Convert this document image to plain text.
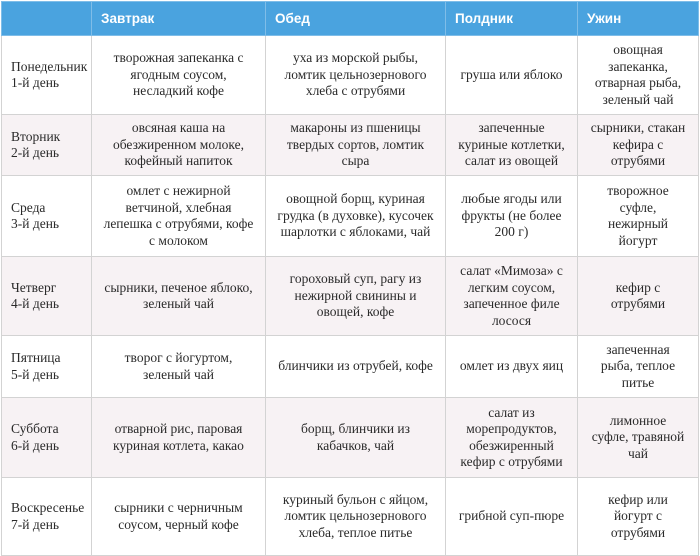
	Завтрак	Обед	Полдник	Ужин

Понедельник
1-й день	творожная запеканка с
ягодным соусом,
несладкий кофе	уха из морской рыбы,
ломтик цельнозернового
хлеба с отрубями	груша или яблоко	овощная
запеканка,
отварная рыба,
зеленый чай

Вторник
2-й день	овсяная каша на
обезжиренном молоке,
кофейный напиток	макароны из пшеницы
твердых сортов, ломтик
сыра	запеченные
куриные котлетки,
салат из овощей	сырники, стакан
кефира с
отрубями

Среда
3-й день	омлет с нежирной
ветчиной, хлебная
лепешка с отрубями, кофе
с молоком	овощной борщ, куриная
грудка (в духовке), кусочек
шарлотки с яблоками, чай	любые ягоды или
фрукты (не более
200 г)	творожное
суфле,
нежирный
йогурт

Четверг
4-й день	сырники, печеное яблоко,
зеленый чай	гороховый суп, рагу из
нежирной свинины и
овощей, кофе	салат «Мимоза» с
легким соусом,
запеченное филе
лосося	кефир с
отрубями

Пятница
5-й день	творог с йогуртом,
зеленый чай	блинчики из отрубей, кофе	омлет из двух яиц	запеченная
рыба, теплое
питье

Суббота
6-й день	отварной рис, паровая
куриная котлета, какао	борщ, блинчики из
кабачков, чай	салат из
морепродуктов,
обезжиренный
кефир с отрубями	лимонное
суфле, травяной
чай

Воскресенье
7-й день	сырники с черничным
соусом, черный кофе	куриный бульон с яйцом,
ломтик цельнозернового
хлеба, теплое питье	грибной суп-пюре	кефир или
йогурт с
отрубями
